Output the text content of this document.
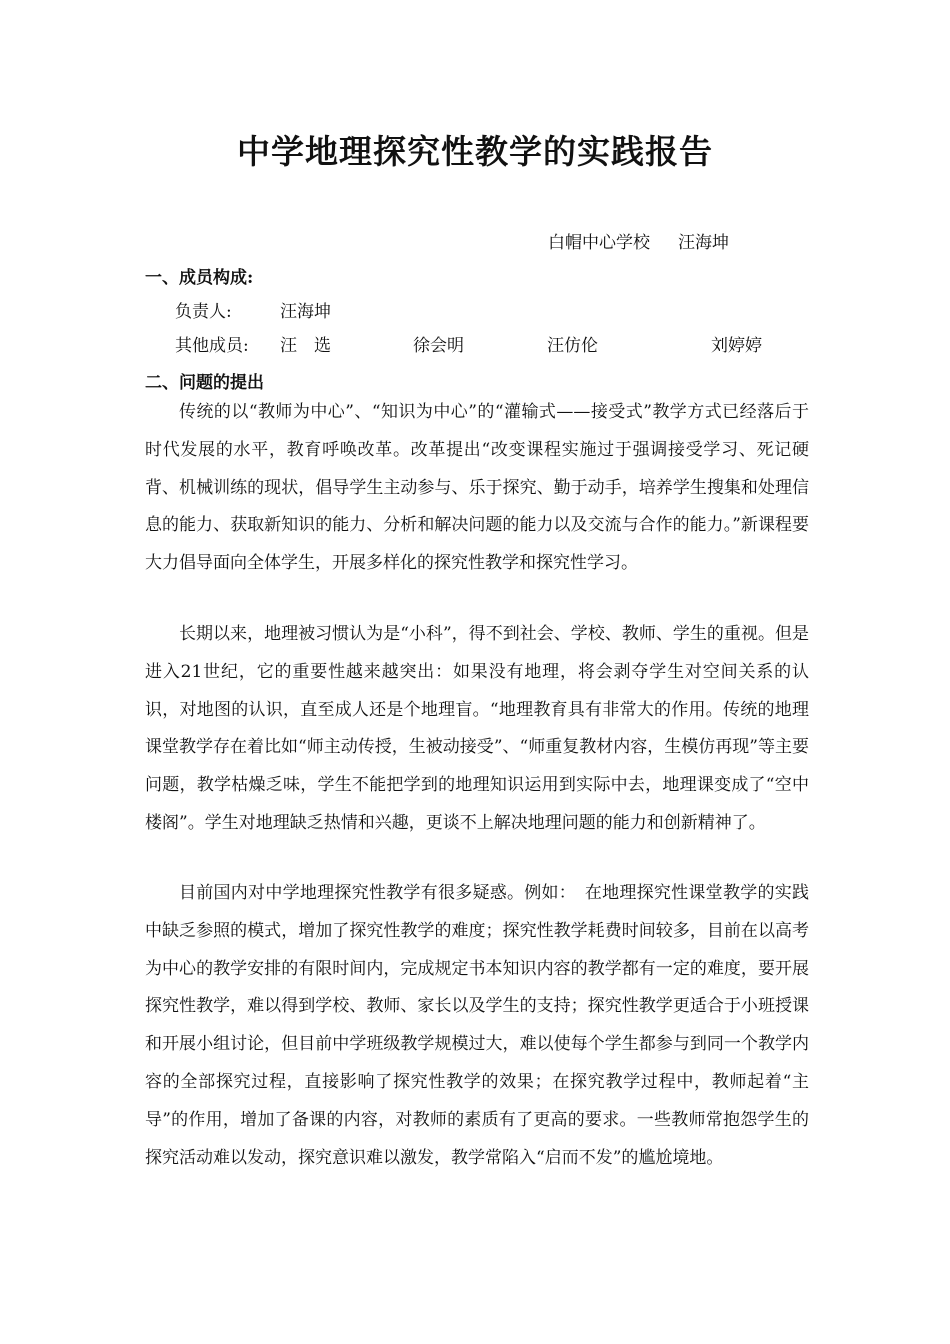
中学地理探究性教学的实践报告
白帽中心学校 汪海坤
一、成员构成:
负责人:	汪海坤
其他成员: 汪　选	徐会明	汪仿伦	刘婷婷
二、问题的提出

传统的以“教师为中心”、“知识为中心”的“灌输式——接受式”教学方式已经落后于时代发展的水平，教育呼唤改革。改革提出“改变课程实施过于强调接受学习、死记硬背、机械训练的现状，倡导学生主动参与、乐于探究、勤于动手，培养学生搜集和处理信息的能力、获取新知识的能力、分析和解决问题的能力以及交流与合作的能力。”新课程要大力倡导面向全体学生，开展多样化的探究性教学和探究性学习。

长期以来，地理被习惯认为是“小科”，得不到社会、学校、教师、学生的重视。但是进入21世纪，它的重要性越来越突出：如果没有地理，将会剥夺学生对空间关系的认识，对地图的认识，直至成人还是个地理盲。“地理教育具有非常大的作用。传统的地理课堂教学存在着比如“师主动传授，生被动接受”、“师重复教材内容，生模仿再现”等主要问题，教学枯燥乏味，学生不能把学到的地理知识运用到实际中去，地理课变成了“空中楼阁”。学生对地理缺乏热情和兴趣，更谈不上解决地理问题的能力和创新精神了。

目前国内对中学地理探究性教学有很多疑惑。例如：　在地理探究性课堂教学的实践中缺乏参照的模式，增加了探究性教学的难度；探究性教学耗费时间较多，目前在以高考为中心的教学安排的有限时间内，完成规定书本知识内容的教学都有一定的难度，要开展探究性教学，难以得到学校、教师、家长以及学生的支持；探究性教学更适合于小班授课和开展小组讨论，但目前中学班级教学规模过大，难以使每个学生都参与到同一个教学内容的全部探究过程，直接影响了探究性教学的效果；在探究教学过程中，教师起着“主导”的作用，增加了备课的内容，对教师的素质有了更高的要求。一些教师常抱怨学生的探究活动难以发动，探究意识难以激发，教学常陷入“启而不发”的尴尬境地。
